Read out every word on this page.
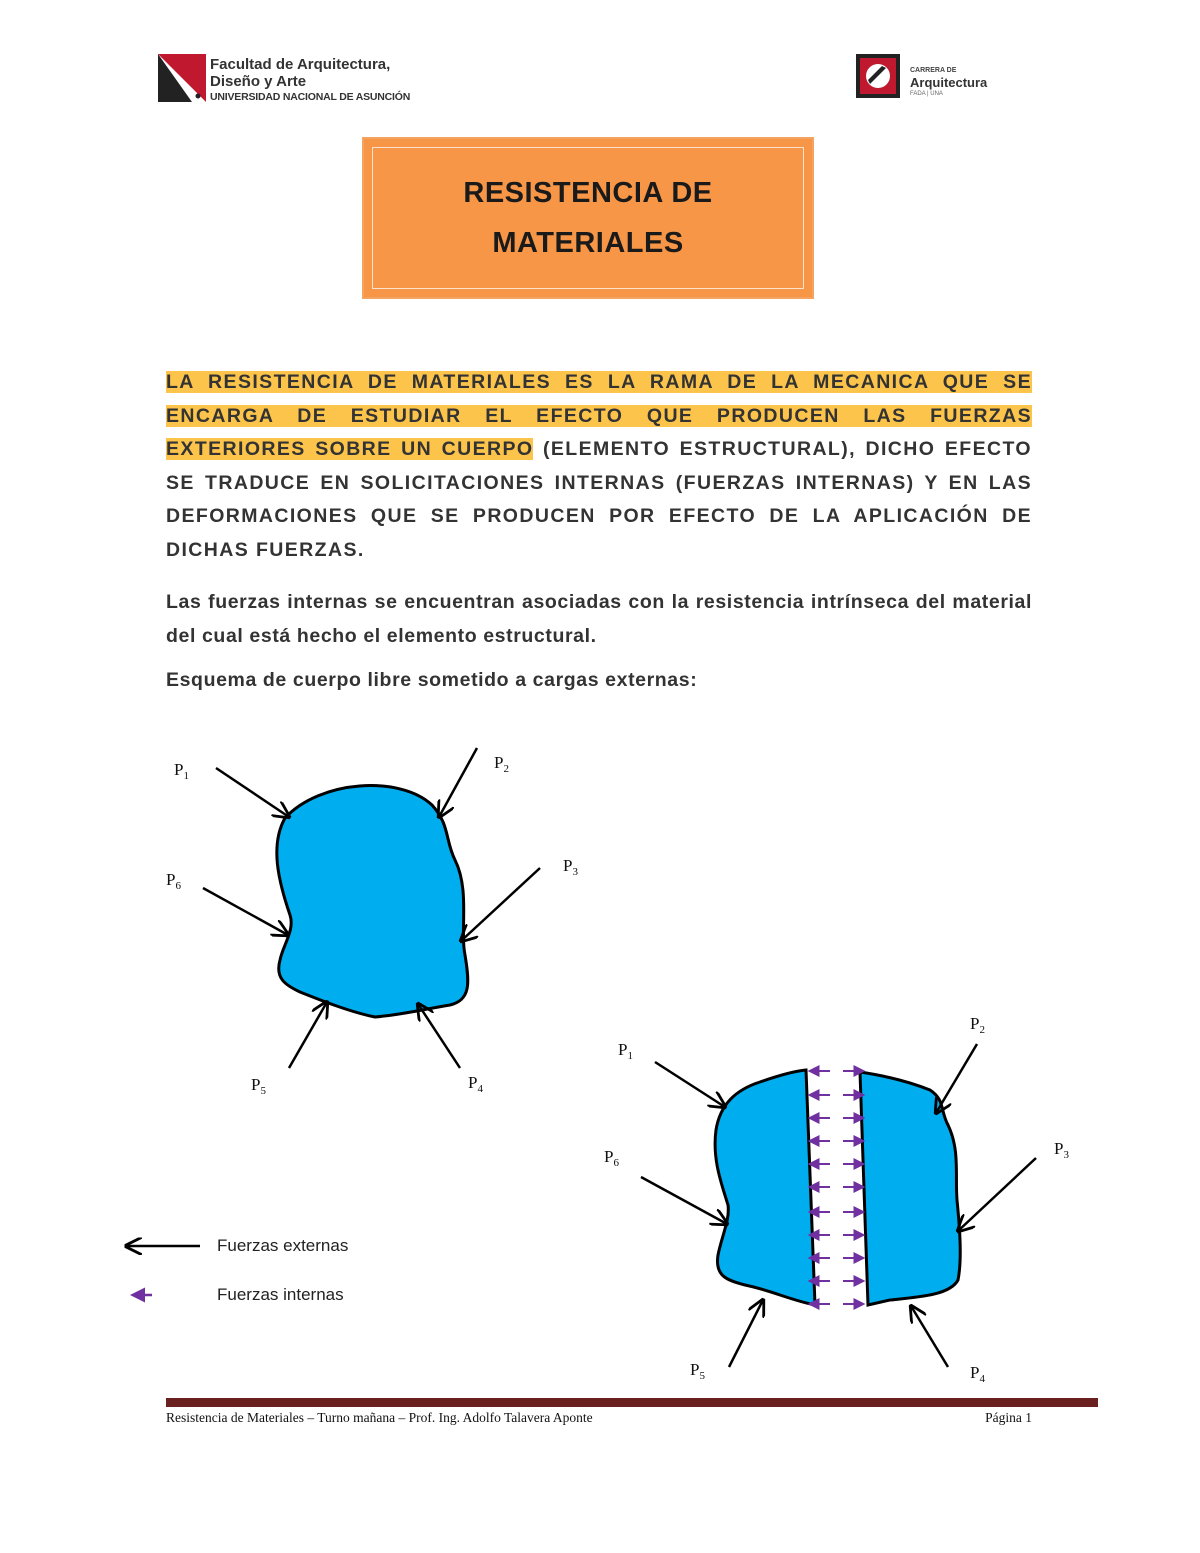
Facultad de Arquitectura,
Diseño y Arte
UNIVERSIDAD NACIONAL DE ASUNCIÓN
CARRERA DE
Arquitectura
FADA | UNA
RESISTENCIA DE
MATERIALES
LA RESISTENCIA DE MATERIALES ES LA RAMA DE LA MECANICA QUE SE ENCARGA DE ESTUDIAR EL EFECTO QUE PRODUCEN LAS FUERZAS EXTERIORES SOBRE UN CUERPO (ELEMENTO ESTRUCTURAL), DICHO EFECTO SE TRADUCE EN SOLICITACIONES INTERNAS (FUERZAS INTERNAS) Y EN LAS DEFORMACIONES QUE SE PRODUCEN POR EFECTO DE LA APLICACIÓN DE DICHAS FUERZAS.
Las fuerzas internas se encuentran asociadas con la resistencia intrínseca del material del cual está hecho el elemento estructural.
Esquema de cuerpo libre sometido a cargas externas:
$P_1$
$P_2$
$P_3$
$P_4$
$P_5$
$P_6$
$P_1$
$P_2$
$P_3$
$P_4$
$P_5$
$P_6$
Fuerzas externas
Fuerzas internas
Resistencia de Materiales – Turno mañana – Prof. Ing. Adolfo Talavera Aponte	Página 1
